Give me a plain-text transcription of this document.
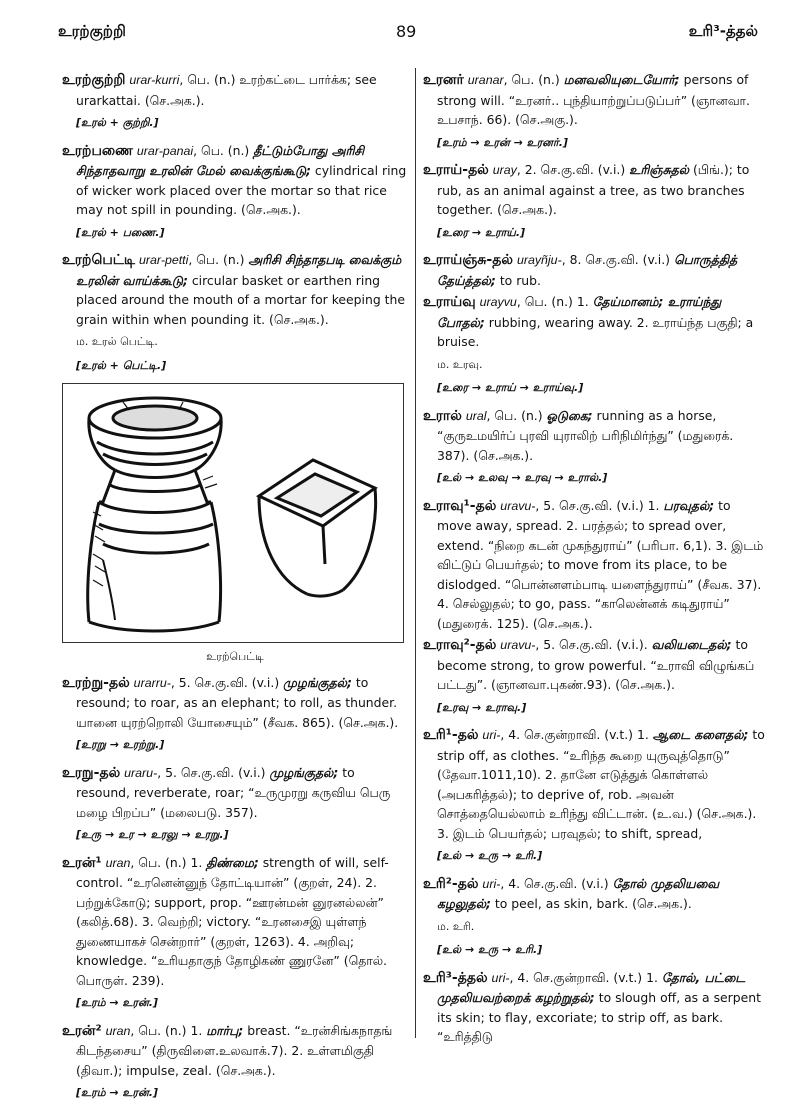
உரற்குற்றி	89	உரி³-த்தல்
உரற்குற்றி urar-kurri, பெ. (n.) உரற்கட்டை பார்க்க; see urarkattai. (செ.அக.).
[உரல் + குற்றி.]
உரற்பணை urar-panai, பெ. (n.) தீட்டும்போது அரிசி சிந்தாதவாறு உரலின் மேல் வைக்குங்கூடு; cylindrical ring of wicker work placed over the mortar so that rice may not spill in pounding. (செ.அக.).
[உரல் + பணை.]
உரற்பெட்டி urar-petti, பெ. (n.) அரிசி சிந்தாதபடி வைக்கும் உரலின் வாய்க்கூடு; circular basket or earthen ring placed around the mouth of a mortar for keeping the grain within when pounding it. (செ.அக.).
ம. உரல் பெட்டி.
[உரல் + பெட்டி.]
உரற்பெட்டி
உரற்று-தல் urarru-, 5. செ.கு.வி. (v.i.) முழங்குதல்; to resound; to roar, as an elephant; to roll, as thunder. யானை யுரற்றொலி யோசையும்” (சீவக. 865). (செ.அக.).
[உரறு → உரற்று.]
உரறு-தல் uraru-, 5. செ.கு.வி. (v.i.) முழங்குதல்; to resound, reverberate, roar; “உருமுரறு கருவிய பெரு மழை பிறப்ப” (மலைபடு. 357).
[உரு → உர → உரலு → உரறு.]
உரன்¹ uran, பெ. (n.) 1. திண்மை; strength of will, self-control. “உரனென்னுந் தோட்டியான்” (குறள், 24). 2. பற்றுக்கோடு; support, prop. “ஊரன்மன் னுரனல்லன்” (கலித்.68). 3. வெற்றி; victory. “உரனசைஇ யுள்ளந் துணையாகச் சென்றார்” (குறள், 1263). 4. அறிவு; knowledge. “உரியதாகுந் தோழிகண் ணுரனே” (தொல். பொருள். 239).
[உரம் → உரன்.]
உரன்² uran, பெ. (n.) 1. மார்பு; breast. “உரன்சிங்கநாதங் கிடந்தசைய” (திருவிளை.உலவாக்.7). 2. உள்ளமிகுதி (திவா.); impulse, zeal. (செ.அக.).
[உரம் → உரன்.]
உரனர் uranar, பெ. (n.) மனவலியுடையோர்; persons of strong will. “உரனர்.. புந்தியாற்றுப்படுப்பர்” (ஞானவா. உபசாந். 66). (செ.அகு.).
[உரம் → உரன் → உரனர்.]
உராய்-தல் uray, 2. செ.கு.வி. (v.i.) உரிஞ்சுதல் (பிங்.); to rub, as an animal against a tree, as two branches together. (செ.அக.).
[உரை → உராய்.]
உராய்ஞ்சு-தல் urayñju-, 8. செ.கு.வி. (v.i.) பொருத்தித் தேய்த்தல்; to rub.
உராய்வு urayvu, பெ. (n.) 1. தேய்மானம்; உராய்ந்து போதல்; rubbing, wearing away. 2. உராய்ந்த பகுதி; a bruise.
ம. உரவு.
[உரை → உராய் → உராய்வு.]
உரால் ural, பெ. (n.) ஓடுகை; running as a horse, “குருஉமயிர்ப் புரவி யுராலிற் பரிநிமிர்ந்து” (மதுரைக். 387). (செ.அக.).
[உல் → உலவு → உரவு → உரால்.]
உராவு¹-தல் uravu-, 5. செ.கு.வி. (v.i.) 1. பரவுதல்; to move away, spread. 2. பரத்தல்; to spread over, extend. “நிறை கடன் முகந்துராய்” (பரிபா. 6,1). 3. இடம் விட்டுப் பெயர்தல்; to move from its place, to be dislodged. “பொன்னளம்பாடி யளைந்துராய்” (சீவக. 37). 4. செல்லுதல்; to go, pass. “காலென்னக் கடிதுராய்” (மதுரைக். 125). (செ.அக.).
உராவு²-தல் uravu-, 5. செ.கு.வி. (v.i.). வலியடைதல்; to become strong, to grow powerful. “உராவி விழுங்கப் பட்டது”. (ஞானவா.புகண்.93). (செ.அக.).
[உரவு → உராவு.]
உரி¹-தல் uri-, 4. செ.குன்றாவி. (v.t.) 1. ஆடை களைதல்; to strip off, as clothes. “உரிந்த கூறை யுருவுத்தொடு” (தேவா.1011,10). 2. தானே எடுத்துக் கொள்ளல் (அபகரித்தல்); to deprive of, rob. அவன் சொத்தையெல்லாம் உரிந்து விட்டான். (உ.வ.) (செ.அக.). 3. இடம் பெயர்தல்; பரவுதல்; to shift, spread,
[உல் → உரு → உரி.]
உரி²-தல் uri-, 4. செ.கு.வி. (v.i.) தோல் முதலியவை கழலுதல்; to peel, as skin, bark. (செ.அக.).
ம. உரி.
[உல் → உரு → உரி.]
உரி³-த்தல் uri-, 4. செ.குன்றாவி. (v.t.) 1. தோல், பட்டை முதலியவற்றைக் கழற்றுதல்; to slough off, as a serpent its skin; to flay, excoriate; to strip off, as bark. “உரித்திடு
